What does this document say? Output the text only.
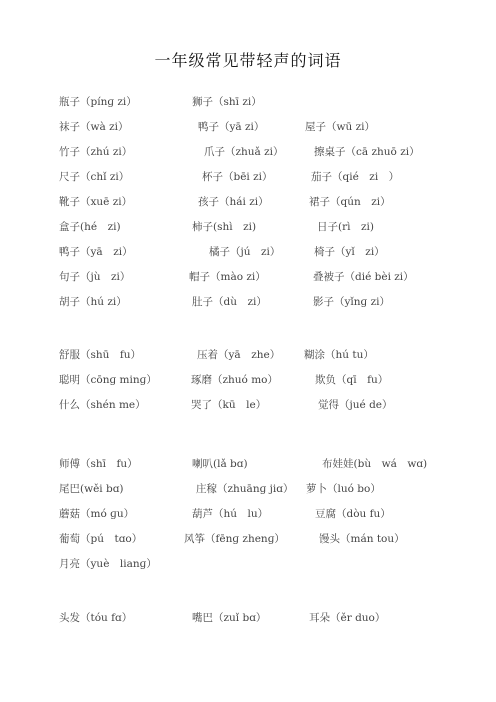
一年级常见带轻声的词语
瓶子（pínɡ zi）	狮子（shī zi）
袜子（wà zi）	鸭子（yā zi）	屋子（wū zi）
竹子（zhú zi）	爪子（zhuǎ zi）	擦桌子（cā zhuō zi）
尺子（chǐ zi）	杯子（bēi zi）	茄子（qié　zi　）
靴子（xuē zi）	孩子（hái zi）	裙子（qún　zi）
盒子(hé　zi)	柿子(shì　zi)	日子(rì　zi)
鸭子（yā　zi）	橘子（jú　zi）	椅子（yǐ　zi）
句子（jù　zi）	帽子（mào zi）	叠被子（dié bèi zi）
胡子（hú zi）	肚子（dù　zi）	影子（yǐnɡ zi）
舒服（shū　fu）	压着（yā　zhe） 糊涂（hú tu）
聪明（cōnɡ minɡ）	琢磨（zhuó mo）	欺负（qī　fu）
什么（shén me）	哭了（kū　le）	觉得（jué de）
师傅（shī　fu）	喇叭(lǎ bɑ)	布娃娃(bù　wá　wɑ)
尾巴(wěi bɑ)	庄稼（zhuānɡ jiɑ） 萝卜（luó bo）
蘑菇（mó ɡu）	葫芦（hú　lu）	豆腐（dòu fu）
葡萄（pú　tɑo）	风筝（fēnɡ zhenɡ）	馒头（mán tou）
月亮（yuè　lianɡ）
头发（tóu fɑ）	嘴巴（zuǐ bɑ）	耳朵（ěr duo）
